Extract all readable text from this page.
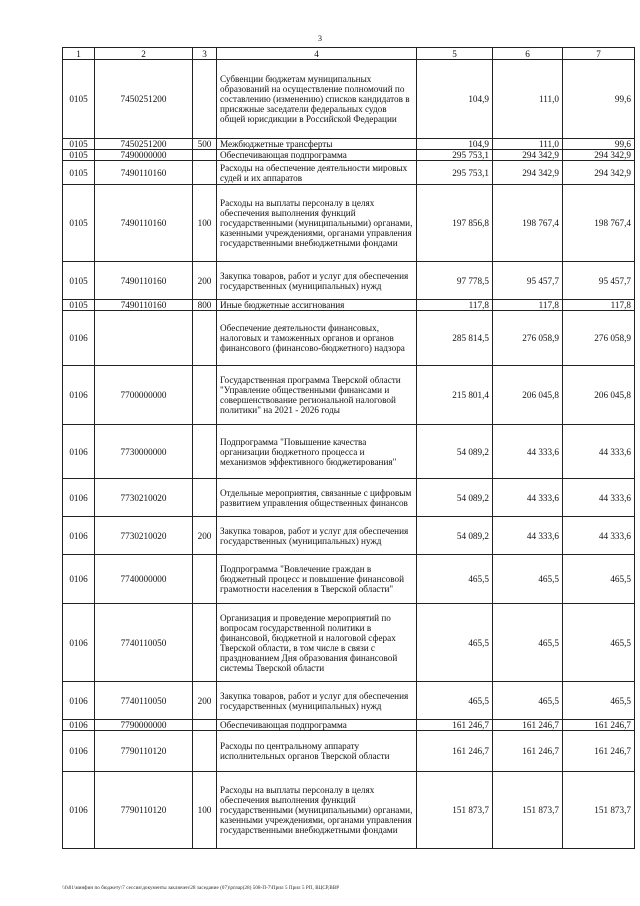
3
1	2	3	4	5	6	7
0105	7450251200		Субвенции бюджетам муниципальных образований на осуществление полномочий по составлению (изменению) списков кандидатов в присяжные заседатели федеральных судов общей юрисдикции в Российской Федерации	104,9	111,0	99,6
0105	7450251200	500	Межбюджетные трансферты	104,9	111,0	99,6
0105	7490000000		Обеспечивающая подпрограмма	295 753,1	294 342,9	294 342,9
0105	7490110160		Расходы на обеспечение деятельности мировых судей и их аппаратов	295 753,1	294 342,9	294 342,9
0105	7490110160	100	Расходы на выплаты персоналу в целях обеспечения выполнения функций государственными (муниципальными) органами, казенными учреждениями, органами управления государственными внебюджетными фондами	197 856,8	198 767,4	198 767,4
0105	7490110160	200	Закупка товаров, работ и услуг для обеспечения государственных (муниципальных) нужд	97 778,5	95 457,7	95 457,7
0105	7490110160	800	Иные бюджетные ассигнования	117,8	117,8	117,8
0106			Обеспечение деятельности финансовых, налоговых и таможенных органов и органов финансового (финансово-бюджетного) надзора	285 814,5	276 058,9	276 058,9
0106	7700000000		Государственная программа Тверской области "Управление общественными финансами и совершенствование региональной налоговой политики" на 2021 - 2026 годы	215 801,4	206 045,8	206 045,8
0106	7730000000		Подпрограмма "Повышение качества организации бюджетного процесса и механизмов эффективного бюджетирования"	54 089,2	44 333,6	44 333,6
0106	7730210020		Отдельные мероприятия, связанные с цифровым развитием управления общественных финансов	54 089,2	44 333,6	44 333,6
0106	7730210020	200	Закупка товаров, работ и услуг для обеспечения государственных (муниципальных) нужд	54 089,2	44 333,6	44 333,6
0106	7740000000		Подпрограмма "Вовлечение граждан в бюджетный процесс и повышение финансовой грамотности населения в Тверской области"	465,5	465,5	465,5
0106	7740110050		Организация и проведение мероприятий по вопросам государственной политики в финансовой, бюджетной и налоговой сферах Тверской области, в том числе в связи с празднованием Дня образования финансовой системы Тверской области	465,5	465,5	465,5
0106	7740110050	200	Закупка товаров, работ и услуг для обеспечения государственных (муниципальных) нужд	465,5	465,5	465,5
0106	7790000000		Обеспечивающая подпрограмма	161 246,7	161 246,7	161 246,7
0106	7790110120		Расходы по центральному аппарату исполнительных органов Тверской области	161 246,7	161 246,7	161 246,7
0106	7790110120	100	Расходы на выплаты персоналу в целях обеспечения выполнения функций государственными (муниципальными) органами, казенными учреждениями, органами управления государственными внебюджетными фондами	151 873,7	151 873,7	151 873,7
\\fs01\минфин по бюджету\7 сессия\документы заключен\28 заседание (07)\рпзар(28) 508-П-7\Прил 5 Прил 5 РП, ВЦСР,ВВР
